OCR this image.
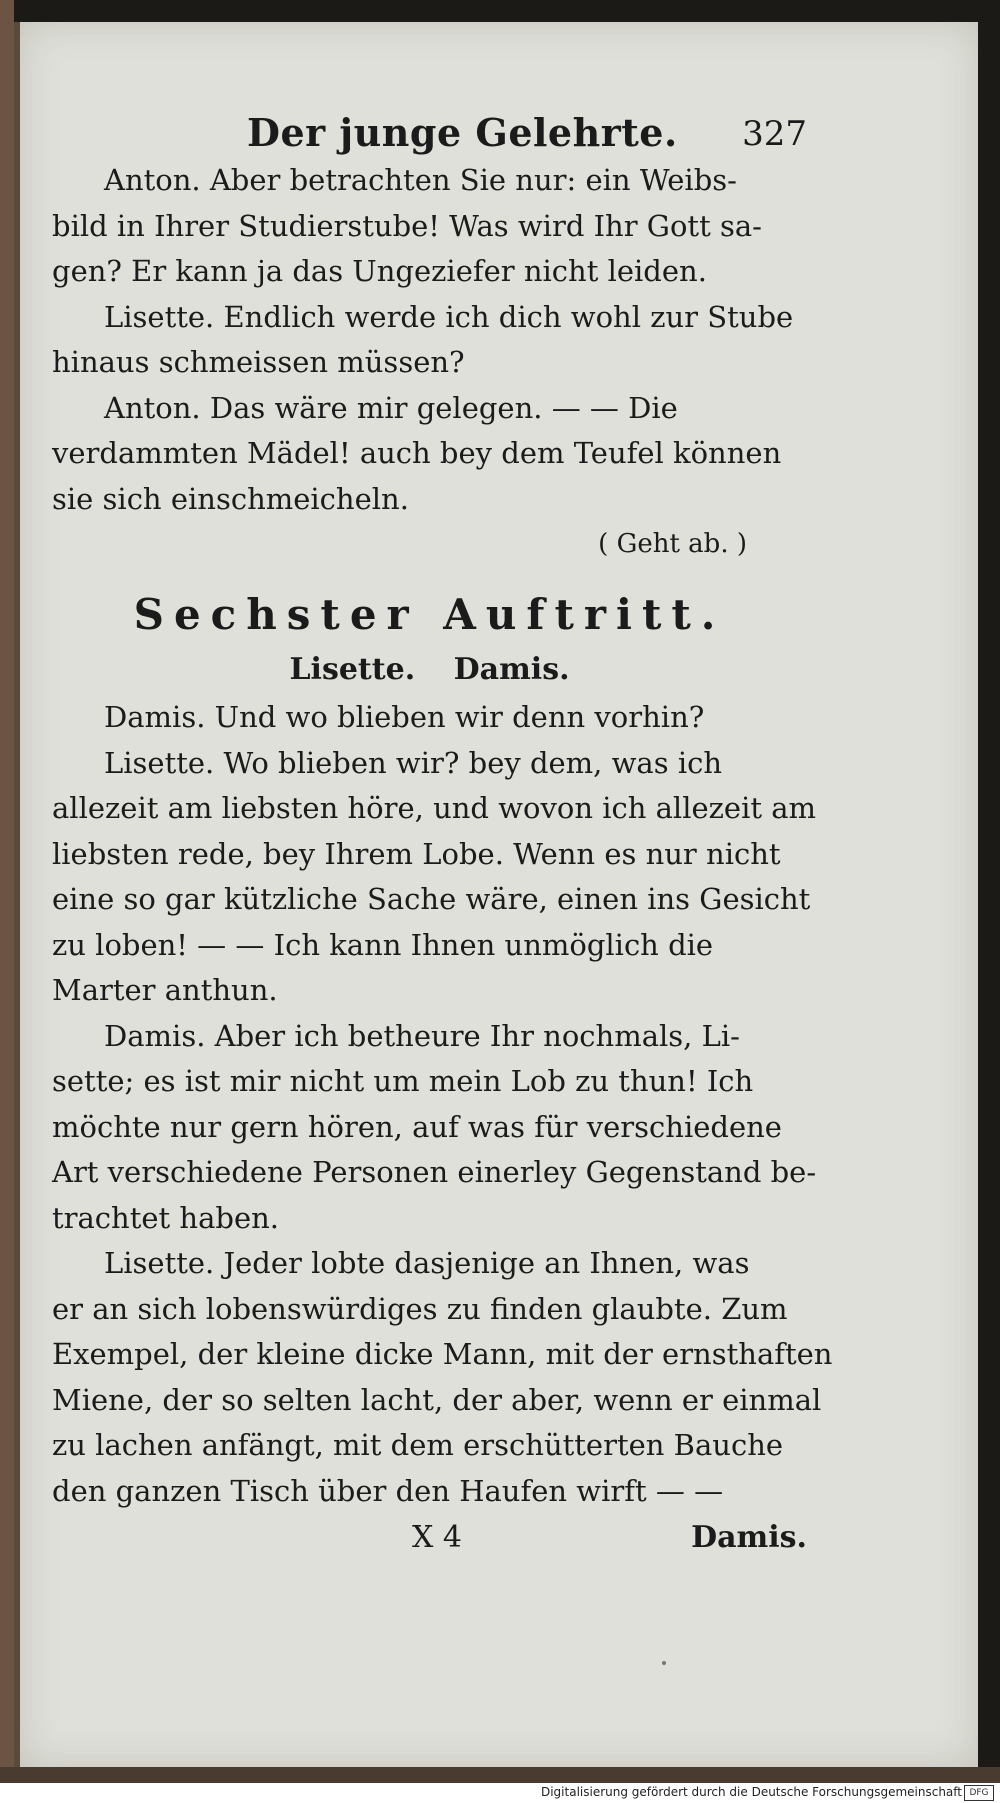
Der junge Gelehrte. 327
Anton. Aber betrachten Sie nur: ein Weibs-
bild in Ihrer Studierstube! Was wird Ihr Gott sa-
gen? Er kann ja das Ungeziefer nicht leiden.
Lisette. Endlich werde ich dich wohl zur Stube
hinaus schmeissen müssen?
Anton. Das wäre mir gelegen. — — Die
verdammten Mädel! auch bey dem Teufel können
sie sich einschmeicheln.
( Geht ab. )
Sechster Auftritt.
Lisette. Damis.
Damis. Und wo blieben wir denn vorhin?
Lisette. Wo blieben wir? bey dem, was ich
allezeit am liebsten höre, und wovon ich allezeit am
liebsten rede, bey Ihrem Lobe. Wenn es nur nicht
eine so gar kützliche Sache wäre, einen ins Gesicht
zu loben! — — Ich kann Ihnen unmöglich die
Marter anthun.
Damis. Aber ich betheure Ihr nochmals, Li-
sette; es ist mir nicht um mein Lob zu thun! Ich
möchte nur gern hören, auf was für verschiedene
Art verschiedene Personen einerley Gegenstand be-
trachtet haben.
Lisette. Jeder lobte dasjenige an Ihnen, was
er an sich lobenswürdiges zu finden glaubte. Zum
Exempel, der kleine dicke Mann, mit der ernsthaften
Miene, der so selten lacht, der aber, wenn er einmal
zu lachen anfängt, mit dem erschütterten Bauche
den ganzen Tisch über den Haufen wirft — —
X 4	Damis.
Digitalisierung gefördert durch die Deutsche Forschungsgemeinschaft DFG
